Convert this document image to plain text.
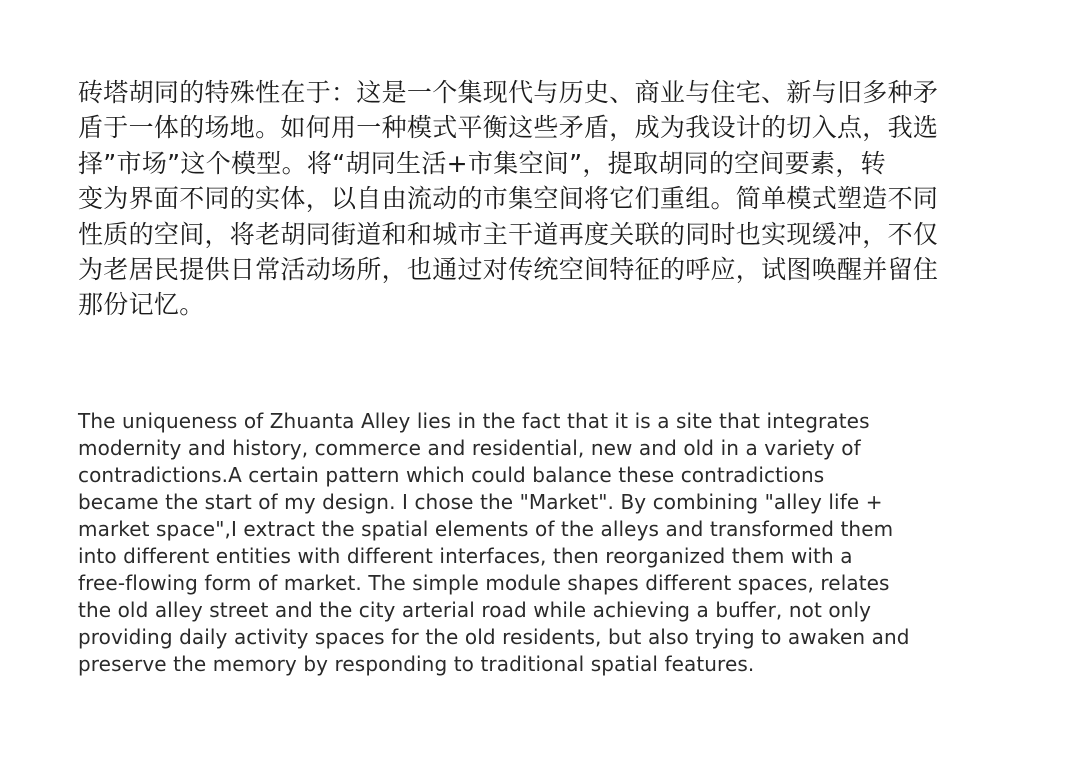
砖塔胡同的特殊性在于：这是一个集现代与历史、商业与住宅、新与旧多种矛
盾于一体的场地。如何用一种模式平衡这些矛盾，成为我设计的切入点，我选
择”市场”这个模型。将“胡同生活+市集空间”，提取胡同的空间要素，转
变为界面不同的实体，以自由流动的市集空间将它们重组。简单模式塑造不同
性质的空间，将老胡同街道和和城市主干道再度关联的同时也实现缓冲，不仅
为老居民提供日常活动场所，也通过对传统空间特征的呼应，试图唤醒并留住
那份记忆。
The uniqueness of Zhuanta Alley lies in the fact that it is a site that integrates
modernity and history, commerce and residential, new and old in a variety of
contradictions.A certain pattern which could balance these contradictions
became the start of my design. I chose the "Market". By combining "alley life +
market space",I extract the spatial elements of the alleys and transformed them
into different entities with different interfaces, then reorganized them with a
free-flowing form of market. The simple module shapes different spaces, relates
the old alley street and the city arterial road while achieving a buffer, not only
providing daily activity spaces for the old residents, but also trying to awaken and
preserve the memory by responding to traditional spatial features.
